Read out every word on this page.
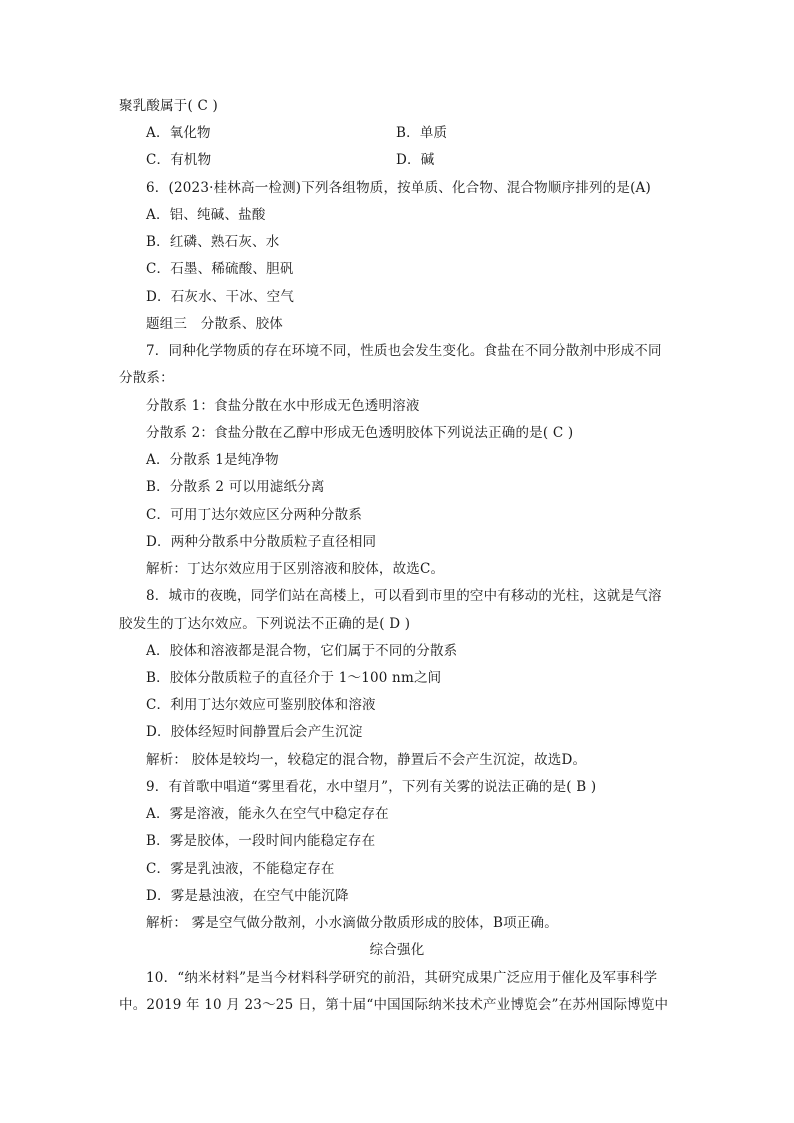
聚乳酸属于( C )
A．氧化物	B．单质
C．有机物	D．碱
6．(2023·桂林高一检测)下列各组物质，按单质、化合物、混合物顺序排列的是(A)
A．铝、纯碱、盐酸
B．红磷、熟石灰、水
C．石墨、稀硫酸、胆矾
D．石灰水、干冰、空气
题组三　分散系、胶体
7．同种化学物质的存在环境不同，性质也会发生变化。食盐在不同分散剂中形成不同
分散系：
分散系 1：食盐分散在水中形成无色透明溶液
分散系 2：食盐分散在乙醇中形成无色透明胶体下列说法正确的是( C )
A．分散系 1是纯净物
B．分散系 2 可以用滤纸分离
C．可用丁达尔效应区分两种分散系
D．两种分散系中分散质粒子直径相同
解析：丁达尔效应用于区别溶液和胶体，故选C。
8．城市的夜晚，同学们站在高楼上，可以看到市里的空中有移动的光柱，这就是气溶
胶发生的丁达尔效应。下列说法不正确的是( D )
A．胶体和溶液都是混合物，它们属于不同的分散系
B．胶体分散质粒子的直径介于 1～100 nm之间
C．利用丁达尔效应可鉴别胶体和溶液
D．胶体经短时间静置后会产生沉淀
解析： 胶体是较均一，较稳定的混合物，静置后不会产生沉淀，故选D。
9．有首歌中唱道“雾里看花，水中望月”，下列有关雾的说法正确的是( B )
A．雾是溶液，能永久在空气中稳定存在
B．雾是胶体，一段时间内能稳定存在
C．雾是乳浊液，不能稳定存在
D．雾是悬浊液，在空气中能沉降
解析： 雾是空气做分散剂，小水滴做分散质形成的胶体，B项正确。
综合强化
10．“纳米材料”是当今材料科学研究的前沿，其研究成果广泛应用于催化及军事科学
中。2019 年 10 月 23～25 日，第十届“中国国际纳米技术产业博览会”在苏州国际博览中
